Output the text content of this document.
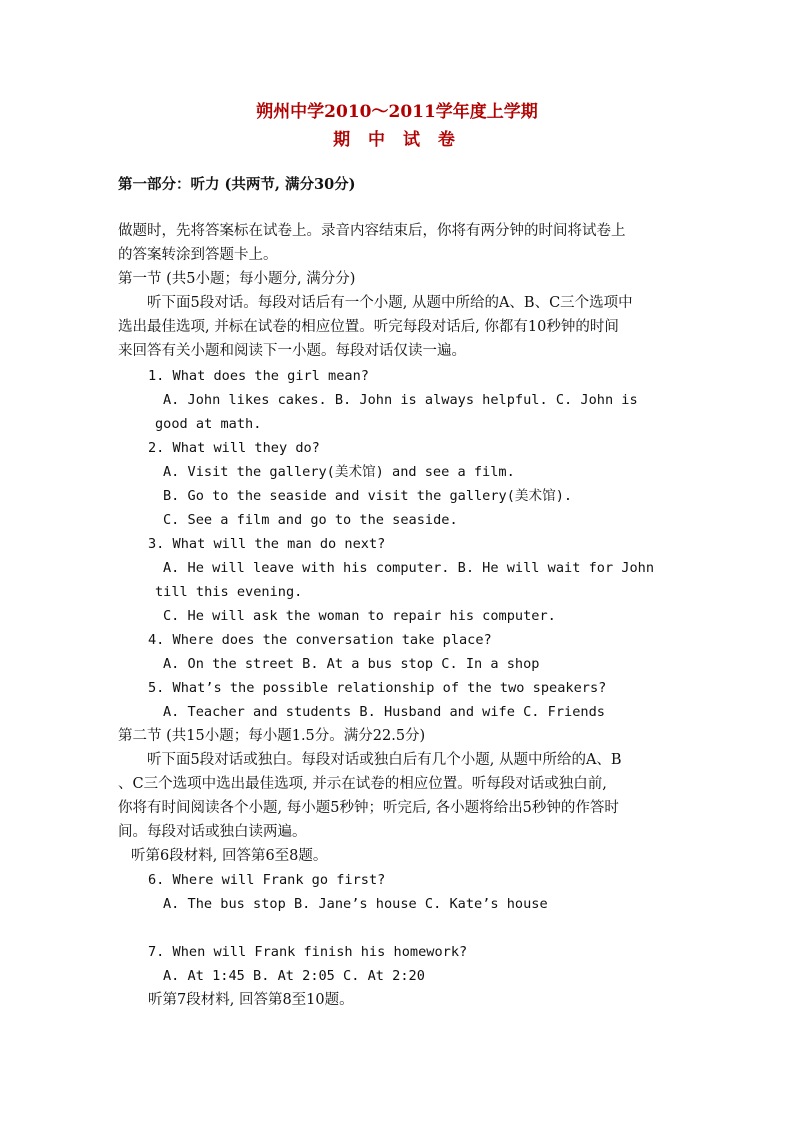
朔州中学2010～2011学年度上学期
期 中 试 卷
第一部分：听力 (共两节, 满分30分)
做题时，先将答案标在试卷上。录音内容结束后，你将有两分钟的时间将试卷上
的答案转涂到答题卡上。
第一节 (共5小题；每小题分, 满分分)
听下面5段对话。每段对话后有一个小题, 从题中所给的A、B、C三个选项中
选出最佳选项, 并标在试卷的相应位置。听完每段对话后, 你都有10秒钟的时间
来回答有关小题和阅读下一小题。每段对话仅读一遍。
1. What does the girl mean?
A. John likes cakes. B. John is always helpful. C. John is
good at math.
2. What will they do?
A. Visit the gallery(美术馆) and see a film.
B. Go to the seaside and visit the gallery(美术馆).
C. See a film and go to the seaside.
3. What will the man do next?
A. He will leave with his computer. B. He will wait for John
till this evening.
C. He will ask the woman to repair his computer.
4. Where does the conversation take place?
A. On the street B. At a bus stop C. In a shop
5. What’s the possible relationship of the two speakers?
A. Teacher and students B. Husband and wife C. Friends
第二节 (共15小题；每小题1.5分。满分22.5分)
听下面5段对话或独白。每段对话或独白后有几个小题, 从题中所给的A、B
、C三个选项中选出最佳选项, 并示在试卷的相应位置。听每段对话或独白前,
你将有时间阅读各个小题, 每小题5秒钟；听完后, 各小题将给出5秒钟的作答时
间。每段对话或独白读两遍。
听第6段材料, 回答第6至8题。
6. Where will Frank go first?
A. The bus stop B. Jane’s house C. Kate’s house
7. When will Frank finish his homework?
A. At 1:45 B. At 2:05 C. At 2:20
听第7段材料, 回答第8至10题。
